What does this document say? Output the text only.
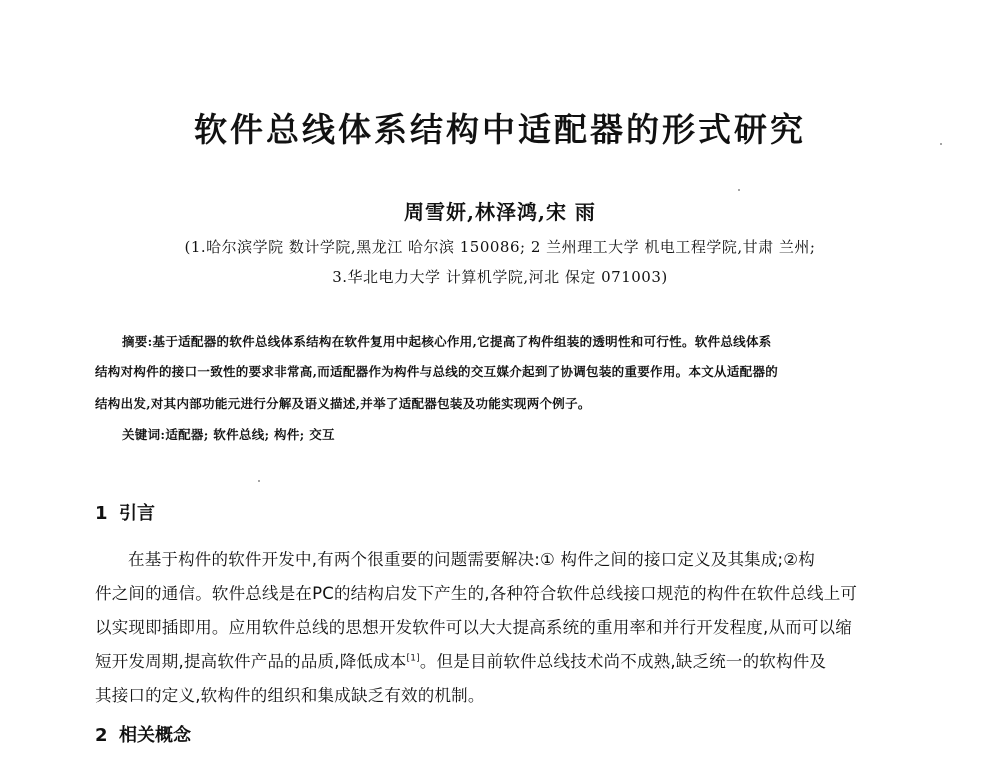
软件总线体系结构中适配器的形式研究
周雪妍,林泽鸿,宋 雨
(1.哈尔滨学院 数计学院,黑龙江 哈尔滨 150086; 2 兰州理工大学 机电工程学院,甘肃 兰州;
3.华北电力大学 计算机学院,河北 保定 071003)
摘要:基于适配器的软件总线体系结构在软件复用中起核心作用,它提高了构件组装的透明性和可行性。软件总线体系
结构对构件的接口一致性的要求非常高,而适配器作为构件与总线的交互媒介起到了协调包装的重要作用。本文从适配器的
结构出发,对其内部功能元进行分解及语义描述,并举了适配器包装及功能实现两个例子。
关键词:适配器; 软件总线; 构件; 交互
1 引言
在基于构件的软件开发中,有两个很重要的问题需要解决:① 构件之间的接口定义及其集成;②构
件之间的通信。软件总线是在PC的结构启发下产生的,各种符合软件总线接口规范的构件在软件总线上可
以实现即插即用。应用软件总线的思想开发软件可以大大提高系统的重用率和并行开发程度,从而可以缩
短开发周期,提高软件产品的品质,降低成本[1]。但是目前软件总线技术尚不成熟,缺乏统一的软构件及
其接口的定义,软构件的组织和集成缺乏有效的机制。
2 相关概念
